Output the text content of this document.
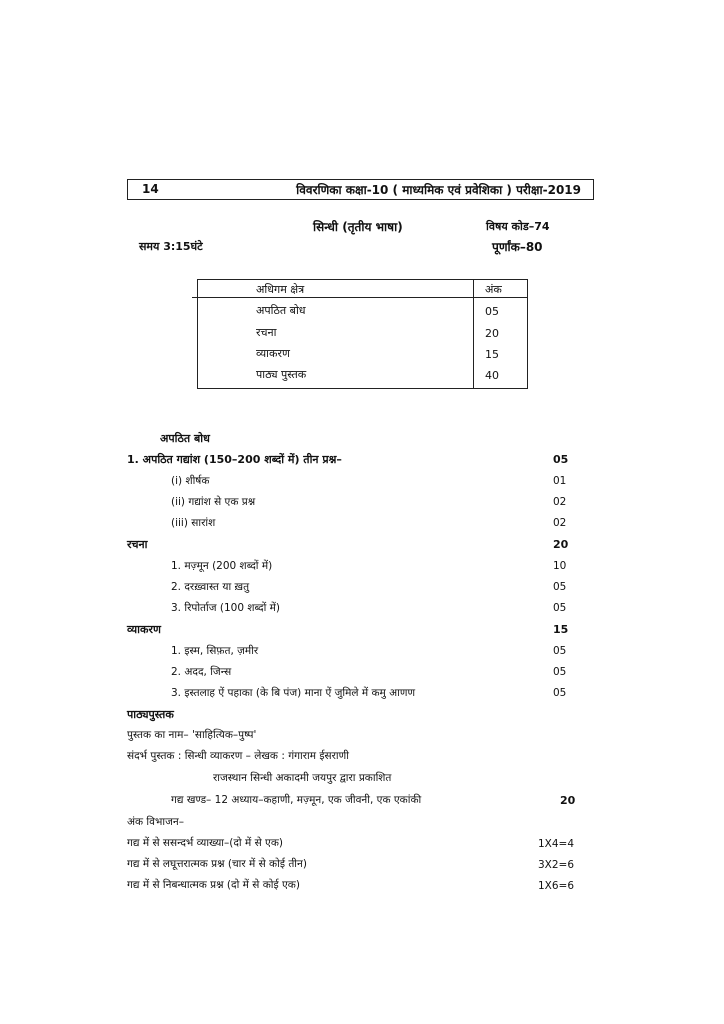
14	विवरणिका कक्षा-10 ( माध्यमिक एवं प्रवेशिका ) परीक्षा-2019
सिन्धी (तृतीय भाषा)	विषय कोड–74
समय 3:15घंटे	पूर्णांक–80
अधिगम क्षेत्र	अंक
अपठित बोध	05
रचना	20
व्याकरण	15
पाठ्य पुस्तक	40
अपठित बोध
1. अपठित गद्यांश (150–200 शब्दों में) तीन प्रश्न–	05
(i) शीर्षक	01
(ii) गद्यांश से एक प्रश्न	02
(iii) सारांश	02
रचना	20
1. मज़्मून (200 शब्दों में)	10
2. दरख़्वास्त या ख़तु	05
3. रिपोर्ताज (100 शब्दों में)	05
व्याकरण	15
1. इस्म, सिफ़त, ज़मीर	05
2. अदद, जिन्स	05
3. इस्तलाह ऐं पहाका (के बि पंज) माना ऐं जुमिले में कमु आणण	05
पाठ्यपुस्तक
पुस्तक का नाम– 'साहित्यिक–पुष्प'
संदर्भ पुस्तक : सिन्धी व्याकरण – लेखक : गंगाराम ईसराणी
राजस्थान सिन्धी अकादमी जयपुर द्वारा प्रकाशित
गद्य खण्ड– 12 अध्याय–कहाणी, मज़्मून, एक जीवनी, एक एकांकी	20
अंक विभाजन–
गद्य में से ससन्दर्भ व्याख्या–(दो में से एक)	1X4=4
गद्य में से लघूत्तरात्मक प्रश्न (चार में से कोई तीन)	3X2=6
गद्य में से निबन्धात्मक प्रश्न (दो में से कोई एक)	1X6=6
